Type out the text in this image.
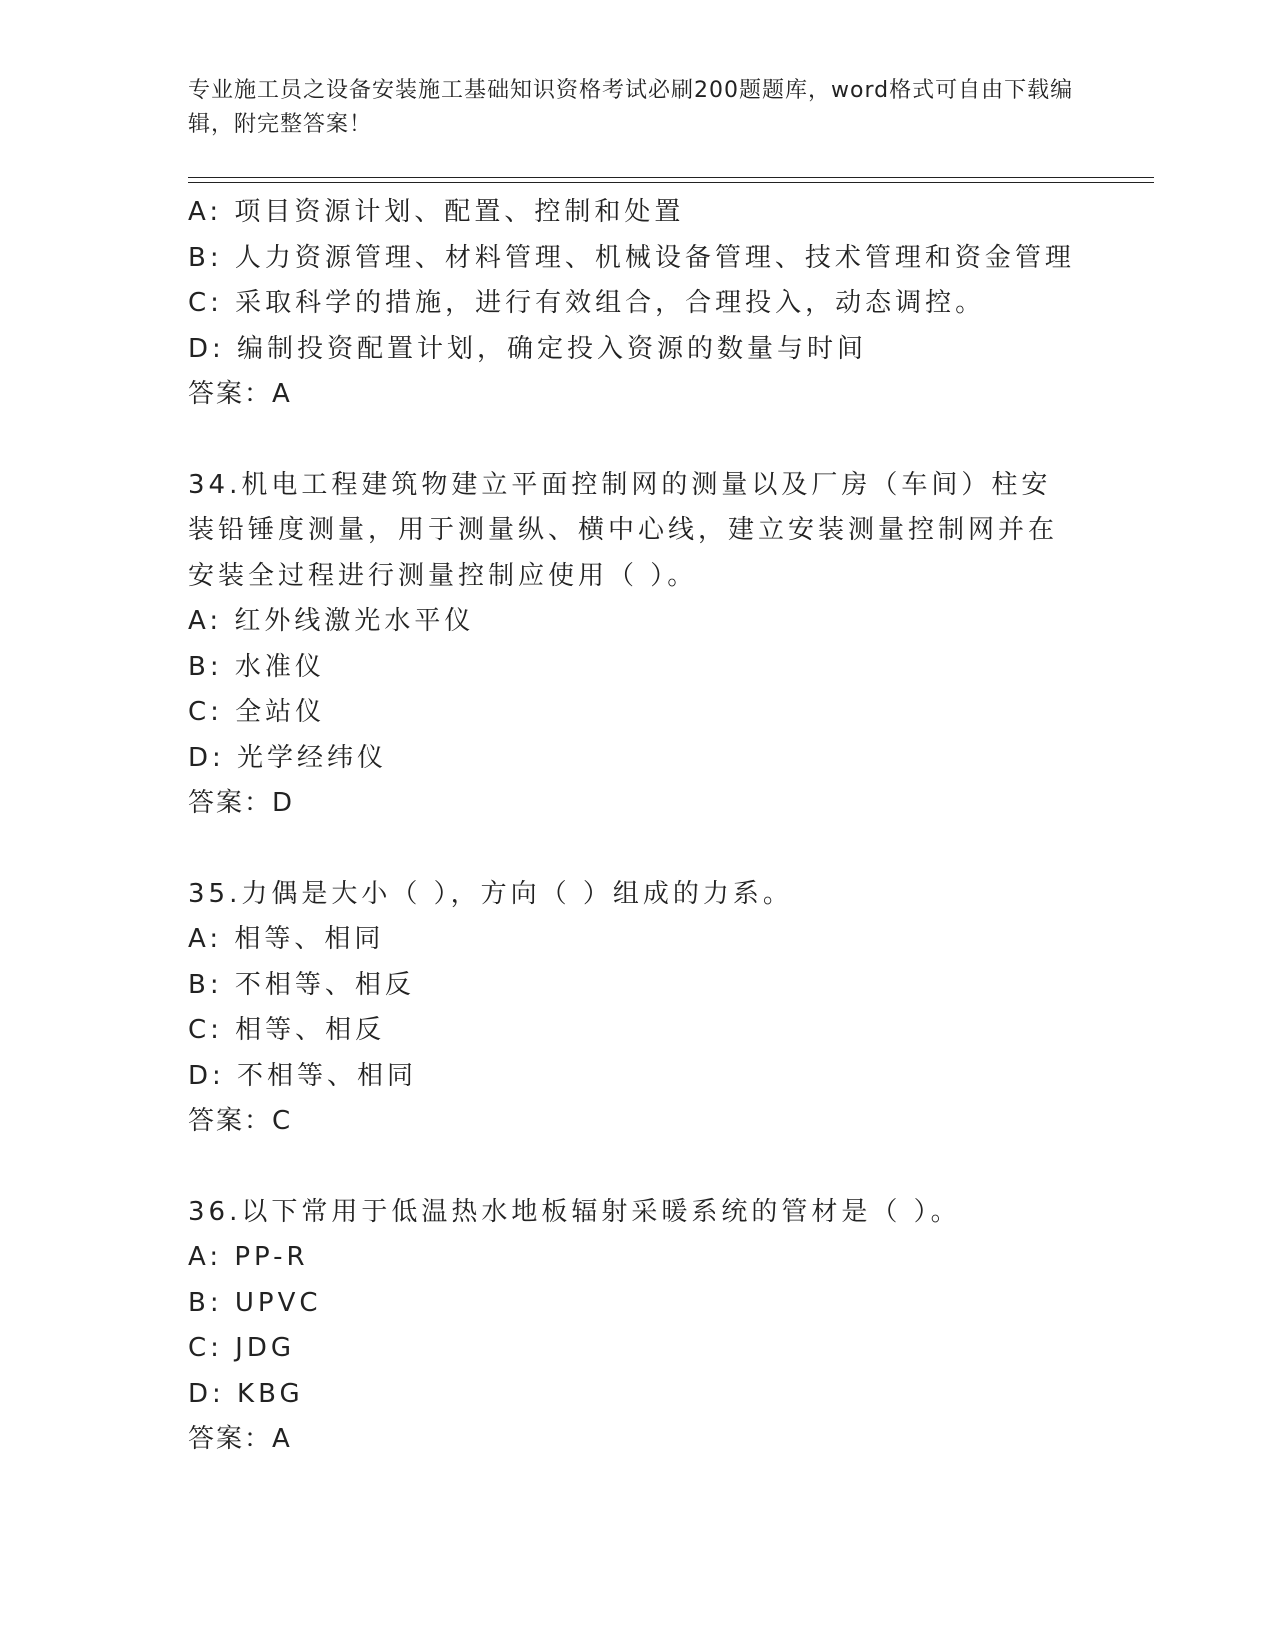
专业施工员之设备安装施工基础知识资格考试必刷200题题库，word格式可自由下载编辑，附完整答案！
A: 项目资源计划、配置、控制和处置
B: 人力资源管理、材料管理、机械设备管理、技术管理和资金管理
C: 采取科学的措施，进行有效组合，合理投入，动态调控。
D: 编制投资配置计划，确定投入资源的数量与时间
答案：A
34.机电工程建筑物建立平面控制网的测量以及厂房（车间）柱安装铅锤度测量，用于测量纵、横中心线，建立安装测量控制网并在安装全过程进行测量控制应使用（ ）。
A: 红外线激光水平仪
B: 水准仪
C: 全站仪
D: 光学经纬仪
答案：D
35.力偶是大小（ ），方向（ ）组成的力系。
A: 相等、相同
B: 不相等、相反
C: 相等、相反
D: 不相等、相同
答案：C
36.以下常用于低温热水地板辐射采暖系统的管材是（ ）。
A: PP-R
B: UPVC
C: JDG
D: KBG
答案：A
